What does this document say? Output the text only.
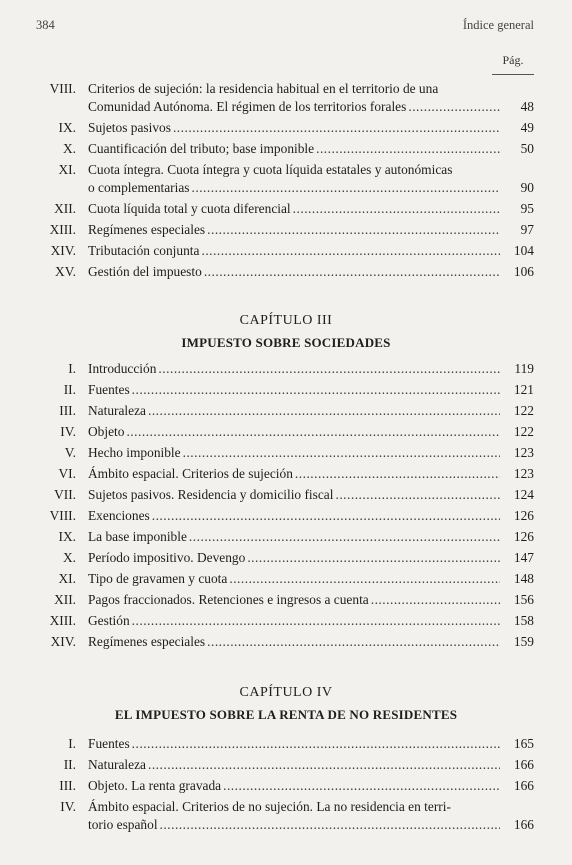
384	Índice general
Pág.
VIII. Criterios de sujeción: la residencia habitual en el territorio de una
Comunidad Autónoma. El régimen de los territorios forales .....	48
IX. Sujetos pasivos .....	49
X. Cuantificación del tributo; base imponible .....	50
XI. Cuota íntegra. Cuota íntegra y cuota líquida estatales y autonómicas
o complementarias .....	90
XII. Cuota líquida total y cuota diferencial .....	95
XIII. Regímenes especiales .....	97
XIV. Tributación conjunta .....	104
XV. Gestión del impuesto .....	106
CAPÍTULO III
IMPUESTO SOBRE SOCIEDADES
I. Introducción .....	119
II. Fuentes .....	121
III. Naturaleza .....	122
IV. Objeto .....	122
V. Hecho imponible .....	123
VI. Ámbito espacial. Criterios de sujeción .....	123
VII. Sujetos pasivos. Residencia y domicilio fiscal .....	124
VIII. Exenciones .....	126
IX. La base imponible .....	126
X. Período impositivo. Devengo .....	147
XI. Tipo de gravamen y cuota .....	148
XII. Pagos fraccionados. Retenciones e ingresos a cuenta .....	156
XIII. Gestión .....	158
XIV. Regímenes especiales .....	159
CAPÍTULO IV
EL IMPUESTO SOBRE LA RENTA DE NO RESIDENTES
I. Fuentes .....	165
II. Naturaleza .....	166
III. Objeto. La renta gravada .....	166
IV. Ámbito espacial. Criterios de no sujeción. La no residencia en terri-
torio español .....	166
